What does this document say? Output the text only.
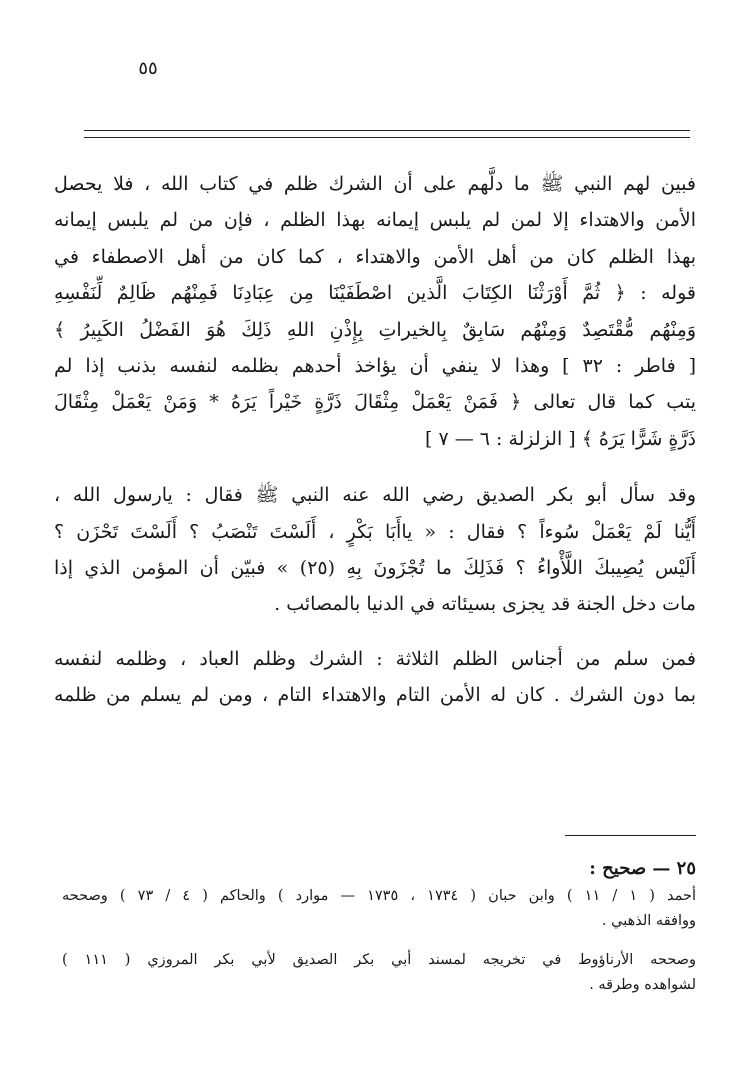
٥٥
فبين لهم النبي ﷺ ما دلَّهم على أن الشرك ظلم في كتاب الله ، فلا يحصل
الأمن والاهتداء إلا لمن لم يلبس إيمانه بهذا الظلم ، فإن من لم يلبس إيمانه
بهذا الظلم كان من أهل الأمن والاهتداء ، كما كان من أهل الاصطفاء في
قوله : ﴿ ثُمَّ أَوْرَثْنَا الكِتَابَ الَّذين اصْطَفَيْنَا مِن عِبَادِنَا فَمِنْهُم ظَالِمٌ لِّنَفْسِهِ
وَمِنْهُم مُّقْتَصِدٌ وَمِنْهُم سَابِقٌ بِالخيراتِ بِإِذْنِ اللهِ ذَلِكَ هُوَ الفَضْلُ الكَبِيرُ ﴾
[ فاطر : ٣٢ ] وهذا لا ينفي أن يؤاخذ أحدهم بظلمه لنفسه بذنب إذا لم
يتب كما قال تعالى ﴿ فَمَنْ يَعْمَلْ مِثْقَالَ ذَرَّةٍ خَيْراً يَرَهُ * وَمَنْ يَعْمَلْ مِثْقَالَ
ذَرَّةٍ شَرًّا يَرَهُ ﴾ [ الزلزلة : ٦ — ٧ ]
وقد سأل أبو بكر الصديق رضي الله عنه النبي ﷺ فقال : يارسول الله ،
أَيُّنا لَمْ يَعْمَلْ سُوءاً ؟ فقال : « ياأَبَا بَكْرٍ ، أَلَسْتَ تَنْصَبُ ؟ أَلَسْتَ تَحْزَن ؟
أَلَيْس يُصِيبكَ اللَّأْواءُ ؟ فَذَلِكَ ما تُجْزَونَ بِهِ (٢٥) » فبيّن أن المؤمن الذي إذا
مات دخل الجنة قد يجزى بسيئاته في الدنيا بالمصائب .
فمن سلم من أجناس الظلم الثلاثة : الشرك وظلم العباد ، وظلمه لنفسه
بما دون الشرك . كان له الأمن التام والاهتداء التام ، ومن لم يسلم من ظلمه
٢٥ — صحيح :
أحمد ( ١ / ١١ ) وابن حبان ( ١٧٣٤ ، ١٧٣٥ — موارد ) والحاكم ( ٤ / ٧٣ ) وصححه
ووافقه الذهبي .
وصححه الأرناؤوط في تخريجه لمسند أبي بكر الصديق لأبي بكر المروزي ( ١١١ )
لشواهده وطرقه .
